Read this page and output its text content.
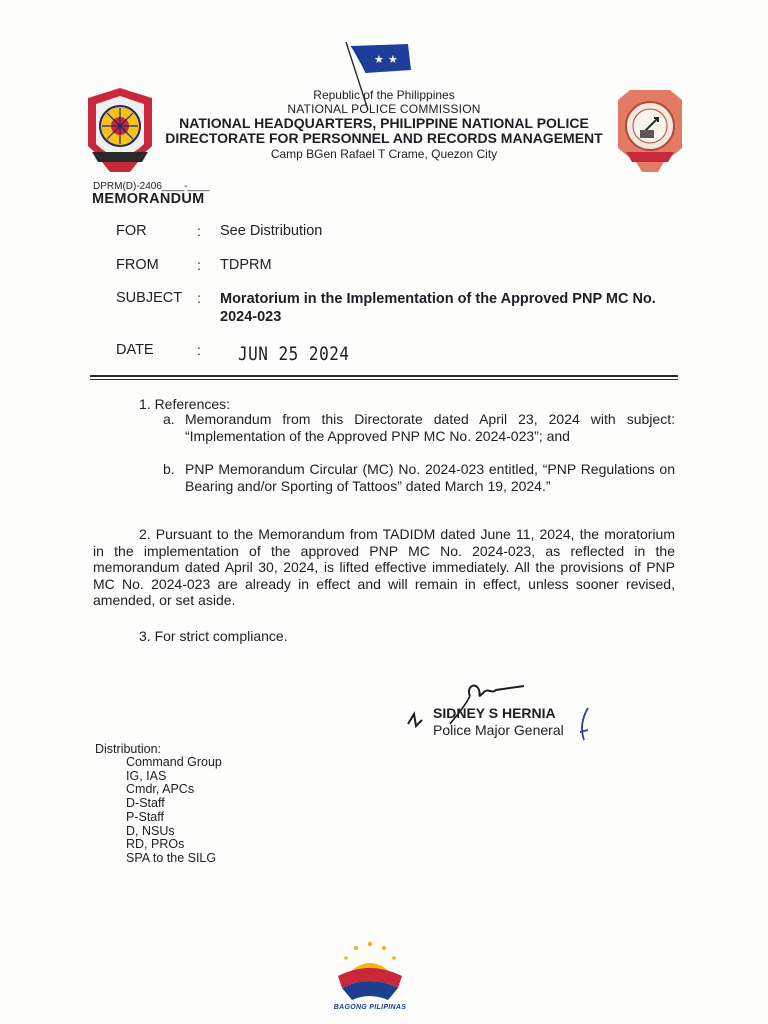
★ ★
Republic of the Philippines
NATIONAL POLICE COMMISSION
NATIONAL HEADQUARTERS, PHILIPPINE NATIONAL POLICE
DIRECTORATE FOR PERSONNEL AND RECORDS MANAGEMENT
Camp BGen Rafael T Crame, Quezon City
DPRM(D)-2406____-____
MEMORANDUM
FOR	: See Distribution
FROM	: TDPRM
SUBJECT : Moratorium in the Implementation of the Approved PNP MC No. 2024-023
DATE	: JUN 25 2024
1. References:
a. Memorandum from this Directorate dated April 23, 2024 with subject: “Implementation of the Approved PNP MC No. 2024-023”; and
b. PNP Memorandum Circular (MC) No. 2024-023 entitled, “PNP Regulations on Bearing and/or Sporting of Tattoos” dated March 19, 2024.”
2. Pursuant to the Memorandum from TADIDM dated June 11, 2024, the moratorium in the implementation of the approved PNP MC No. 2024-023, as reflected in the memorandum dated April 30, 2024, is lifted effective immediately. All the provisions of PNP MC No. 2024-023 are already in effect and will remain in effect, unless sooner revised, amended, or set aside.
3. For strict compliance.
SIDNEY S HERNIA
Police Major General
Distribution:
Command Group
IG, IAS
Cmdr, APCs
D-Staff
P-Staff
D, NSUs
RD, PROs
SPA to the SILG
BAGONG PILIPINAS
